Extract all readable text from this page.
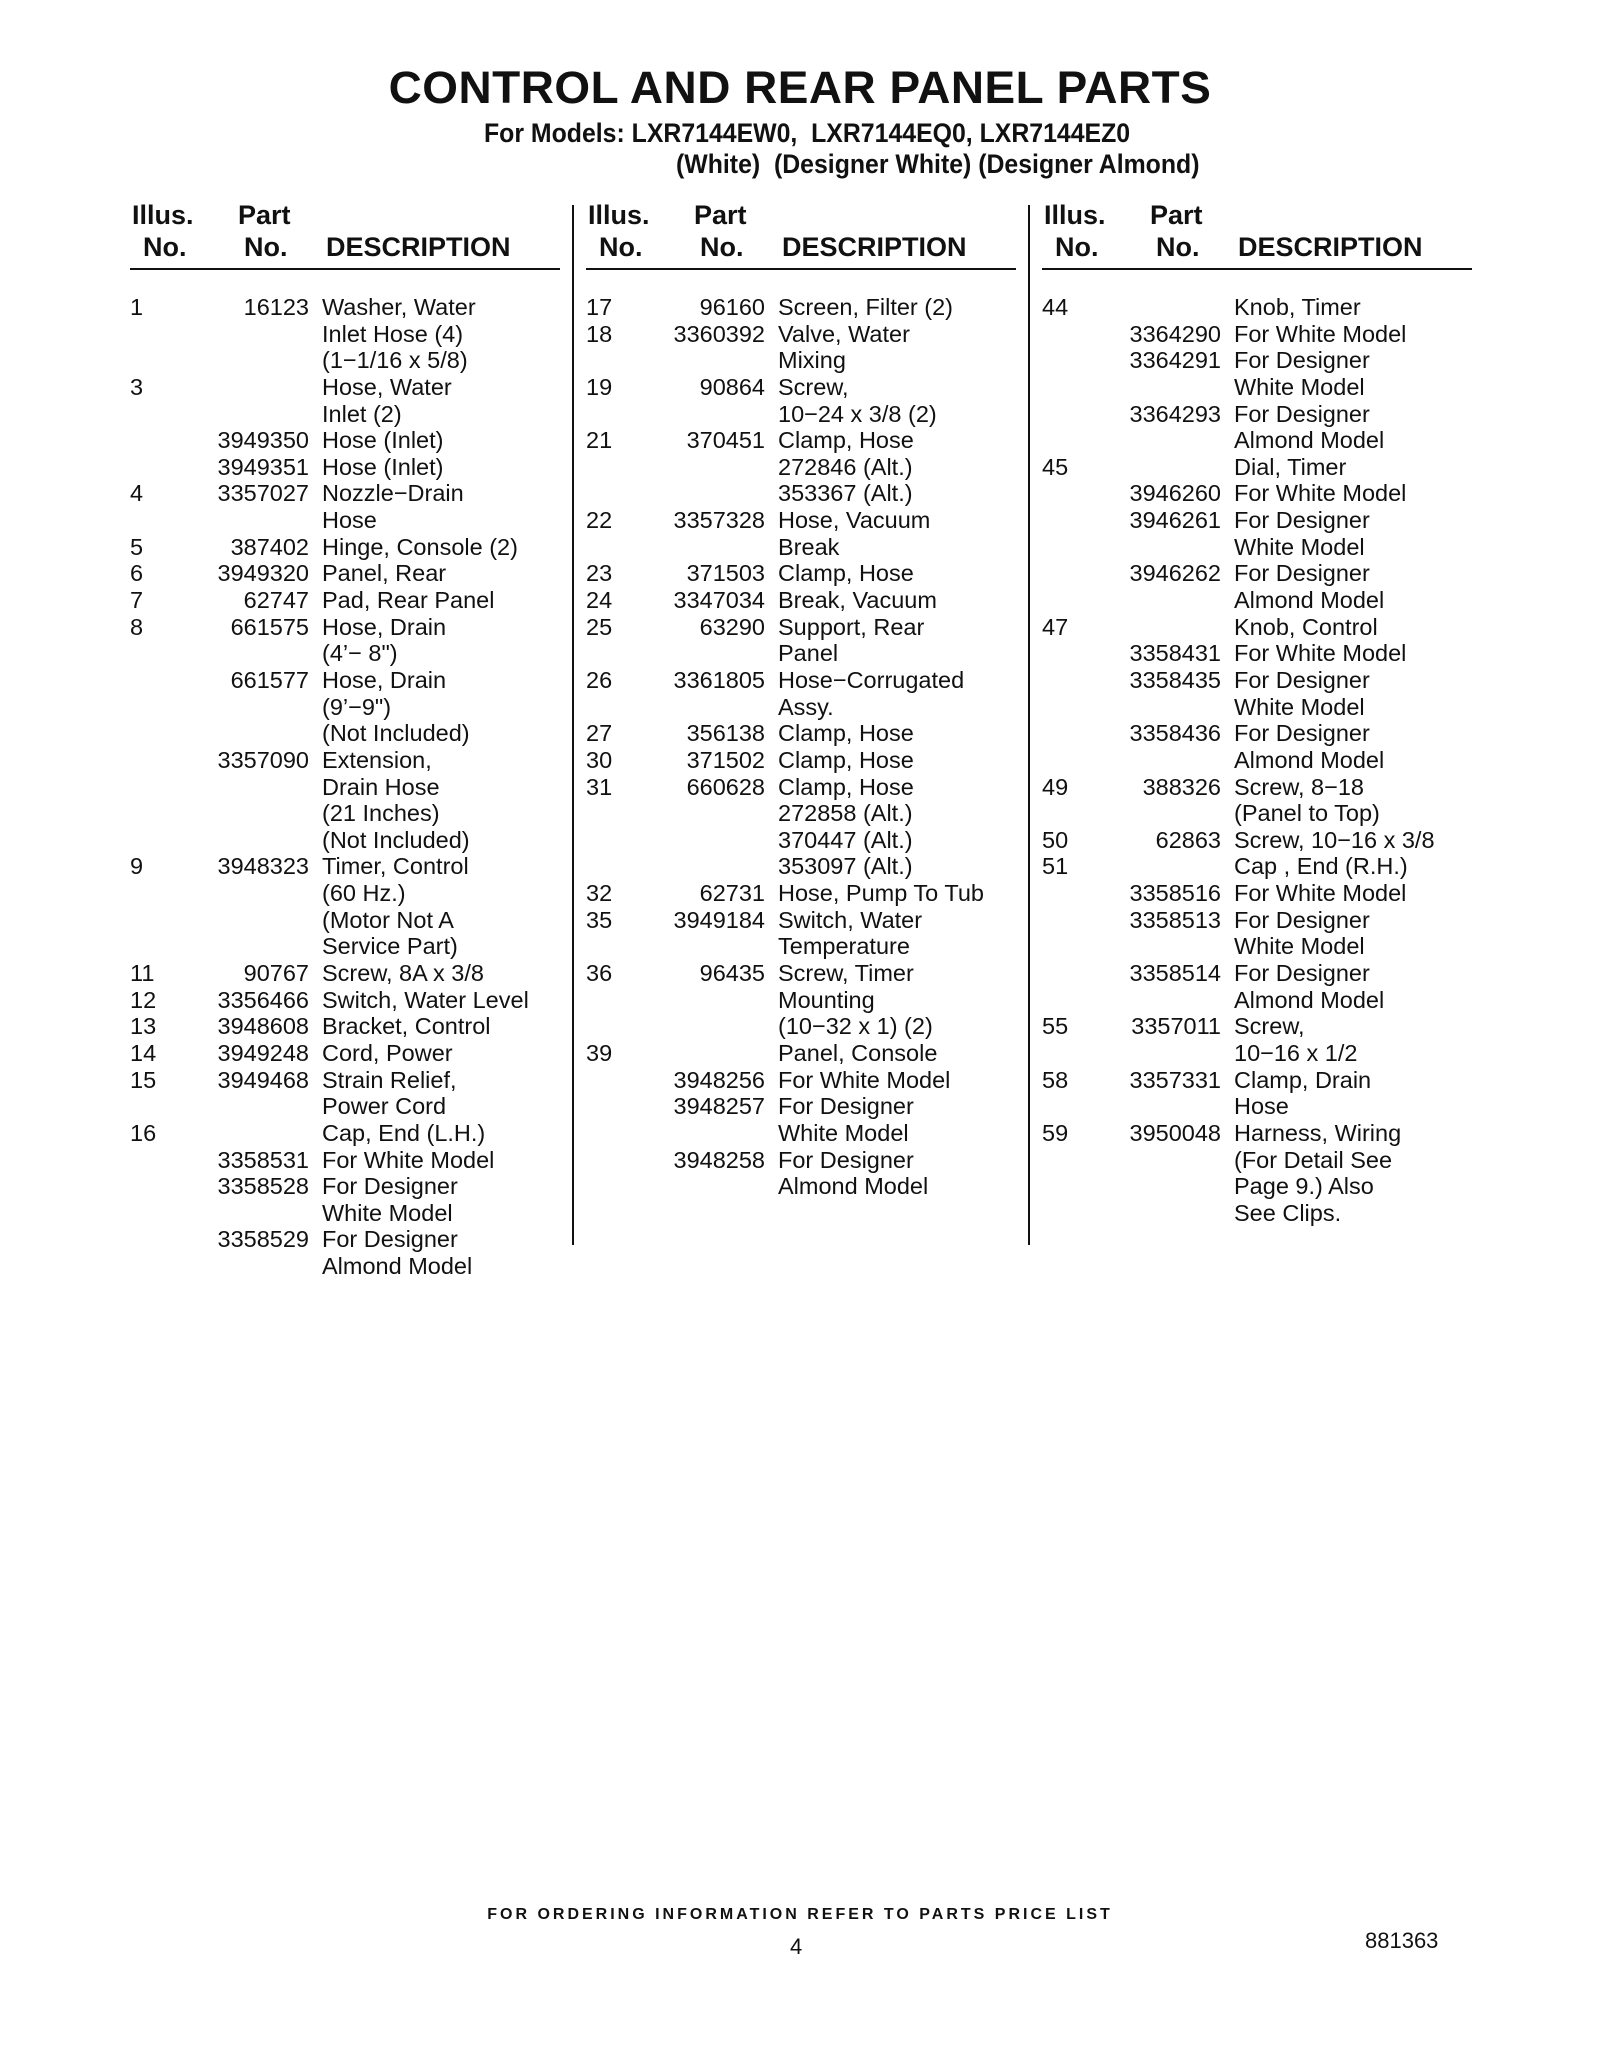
CONTROL AND REAR PANEL PARTS
For Models: LXR7144EW0,  LXR7144EQ0, LXR7144EZ0
(White)  (Designer White) (Designer Almond)
Illus.
No.
Part
No. DESCRIPTION
1	16123 Washer, Water
Inlet Hose (4)
(1−1/16 x 5/8)
3	Hose, Water
Inlet (2)
3949350 Hose (Inlet)
3949351 Hose (Inlet)
4	3357027 Nozzle−Drain
Hose
5	387402 Hinge, Console (2)
6	3949320 Panel, Rear
7	62747 Pad, Rear Panel
8	661575 Hose, Drain
(4’− 8")
661577 Hose, Drain
(9’−9")
(Not Included)
3357090 Extension,
Drain Hose
(21 Inches)
(Not Included)
9	3948323 Timer, Control
(60 Hz.)
(Motor Not A
Service Part)
11	90767 Screw, 8A x 3/8
12	3356466 Switch, Water Level
13	3948608 Bracket, Control
14	3949248 Cord, Power
15	3949468 Strain Relief,
Power Cord
16	Cap, End (L.H.)
3358531 For White Model
3358528 For Designer
White Model
3358529 For Designer
Almond Model
Illus.
No.
Part
No. DESCRIPTION
17	96160 Screen, Filter (2)
18	3360392 Valve, Water
Mixing
19	90864 Screw,
10−24 x 3/8 (2)
21	370451 Clamp, Hose
272846 (Alt.)
353367 (Alt.)
22	3357328 Hose, Vacuum
Break
23	371503 Clamp, Hose
24	3347034 Break, Vacuum
25	63290 Support, Rear
Panel
26	3361805 Hose−Corrugated
Assy.
27	356138 Clamp, Hose
30	371502 Clamp, Hose
31	660628 Clamp, Hose
272858 (Alt.)
370447 (Alt.)
353097 (Alt.)
32	62731 Hose, Pump To Tub
35	3949184 Switch, Water
Temperature
36	96435 Screw, Timer
Mounting
(10−32 x 1) (2)
39	Panel, Console
3948256 For White Model
3948257 For Designer
White Model
3948258 For Designer
Almond Model
Illus.
No.
Part
No. DESCRIPTION
44	Knob, Timer
3364290 For White Model
3364291 For Designer
White Model
3364293 For Designer
Almond Model
45	Dial, Timer
3946260 For White Model
3946261 For Designer
White Model
3946262 For Designer
Almond Model
47	Knob, Control
3358431 For White Model
3358435 For Designer
White Model
3358436 For Designer
Almond Model
49	388326 Screw, 8−18
(Panel to Top)
50	62863 Screw, 10−16 x 3/8
51	Cap , End (R.H.)
3358516 For White Model
3358513 For Designer
White Model
3358514 For Designer
Almond Model
55	3357011 Screw,
10−16 x 1/2
58	3357331 Clamp, Drain
Hose
59	3950048 Harness, Wiring
(For Detail See
Page 9.) Also
See Clips.
FOR ORDERING INFORMATION REFER TO PARTS PRICE LIST
4	881363
